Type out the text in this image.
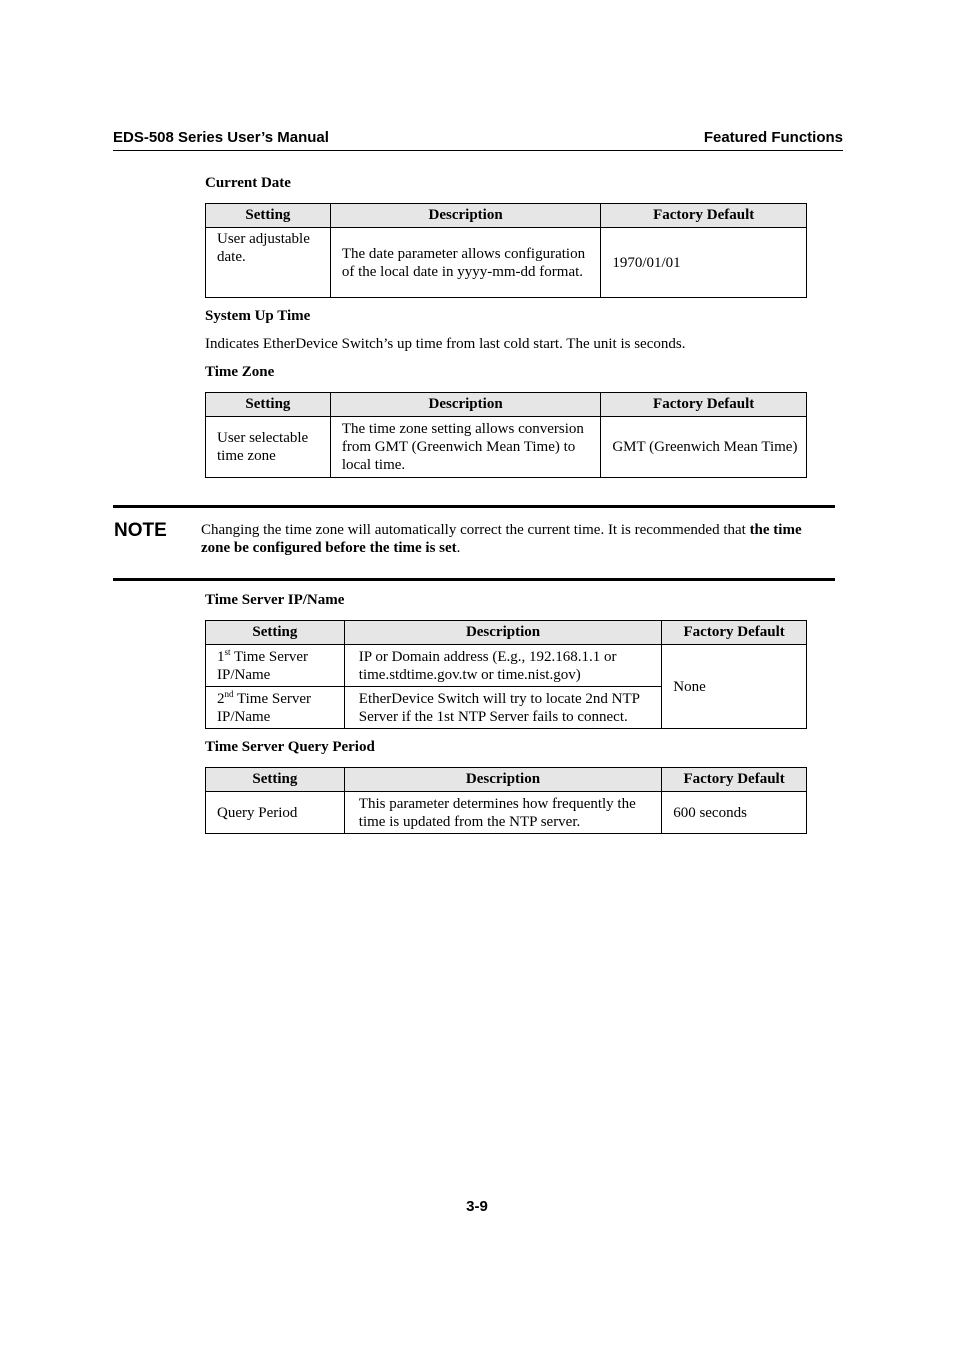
EDS-508 Series User’s Manual	Featured Functions
Current Date
Setting	Description	Factory Default
User adjustable date.	The date parameter allows configuration of the local date in yyyy-mm-dd format.	1970/01/01
System Up Time
Indicates EtherDevice Switch’s up time from last cold start. The unit is seconds.
Time Zone
Setting	Description	Factory Default
User selectable time zone	The time zone setting allows conversion from GMT (Greenwich Mean Time) to local time.	GMT (Greenwich Mean Time)
NOTE Changing the time zone will automatically correct the current time. It is recommended that the time zone be configured before the time is set.
Time Server IP/Name
Setting	Description	Factory Default
1st Time Server IP/Name	IP or Domain address (E.g., 192.168.1.1 or time.stdtime.gov.tw or time.nist.gov)	None
2nd Time Server IP/Name	EtherDevice Switch will try to locate 2nd NTP Server if the 1st NTP Server fails to connect.	
Time Server Query Period
Setting	Description	Factory Default
Query Period	This parameter determines how frequently the time is updated from the NTP server.	600 seconds
3-9
